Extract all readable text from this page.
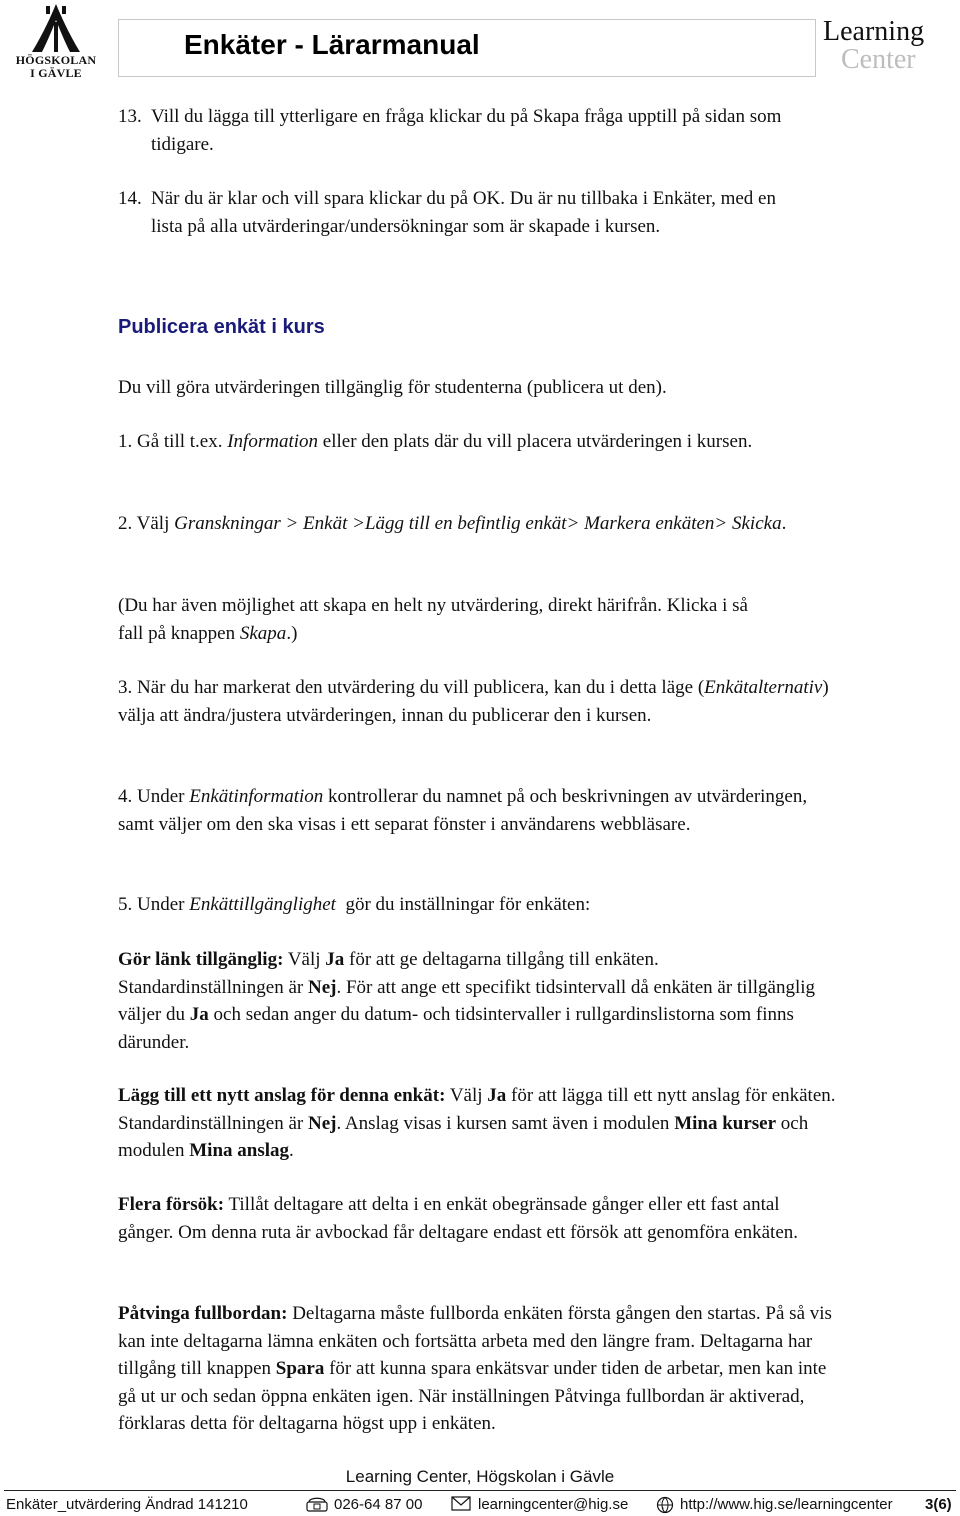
HÖGSKOLAN
I GÄVLE
Enkäter - Lärarmanual	Learning
Center
13. Vill du lägga till ytterligare en fråga klickar du på Skapa fråga upptill på sidan som tidigare.
14. När du är klar och vill spara klickar du på OK. Du är nu tillbaka i Enkäter, med en lista på alla utvärderingar/undersökningar som är skapade i kursen.
Publicera enkät i kurs

Du vill göra utvärderingen tillgänglig för studenterna (publicera ut den).

1. Gå till t.ex. Information eller den plats där du vill placera utvärderingen i kursen.

2. Välj Granskningar > Enkät >Lägg till en befintlig enkät> Markera enkäten> Skicka.

(Du har även möjlighet att skapa en helt ny utvärdering, direkt härifrån. Klicka i så fall på knappen Skapa.)

3. När du har markerat den utvärdering du vill publicera, kan du i detta läge (Enkätalternativ) välja att ändra/justera utvärderingen, innan du publicerar den i kursen.

4. Under Enkätinformation kontrollerar du namnet på och beskrivningen av utvärderingen, samt väljer om den ska visas i ett separat fönster i användarens webbläsare.

5. Under Enkättillgänglighet  gör du inställningar för enkäten:

Gör länk tillgänglig: Välj Ja för att ge deltagarna tillgång till enkäten. Standardinställningen är Nej. För att ange ett specifikt tidsintervall då enkäten är tillgänglig väljer du Ja och sedan anger du datum- och tidsintervaller i rullgardinslistorna som finns därunder.

Lägg till ett nytt anslag för denna enkät: Välj Ja för att lägga till ett nytt anslag för enkäten. Standardinställningen är Nej. Anslag visas i kursen samt även i modulen Mina kurser och modulen Mina anslag.

Flera försök: Tillåt deltagare att delta i en enkät obegränsade gånger eller ett fast antal gånger. Om denna ruta är avbockad får deltagare endast ett försök att genomföra enkäten.

Påtvinga fullbordan: Deltagarna måste fullborda enkäten första gången den startas. På så vis kan inte deltagarna lämna enkäten och fortsätta arbeta med den längre fram. Deltagarna har tillgång till knappen Spara för att kunna spara enkätsvar under tiden de arbetar, men kan inte gå ut ur och sedan öppna enkäten igen. När inställningen Påtvinga fullbordan är aktiverad, förklaras detta för deltagarna högst upp i enkäten.

Learning Center, Högskolan i Gävle
Enkäter_utvärdering Ändrad 141210	026-64 87 00	learningcenter@hig.se	http://www.hig.se/learningcenter 3(6)
